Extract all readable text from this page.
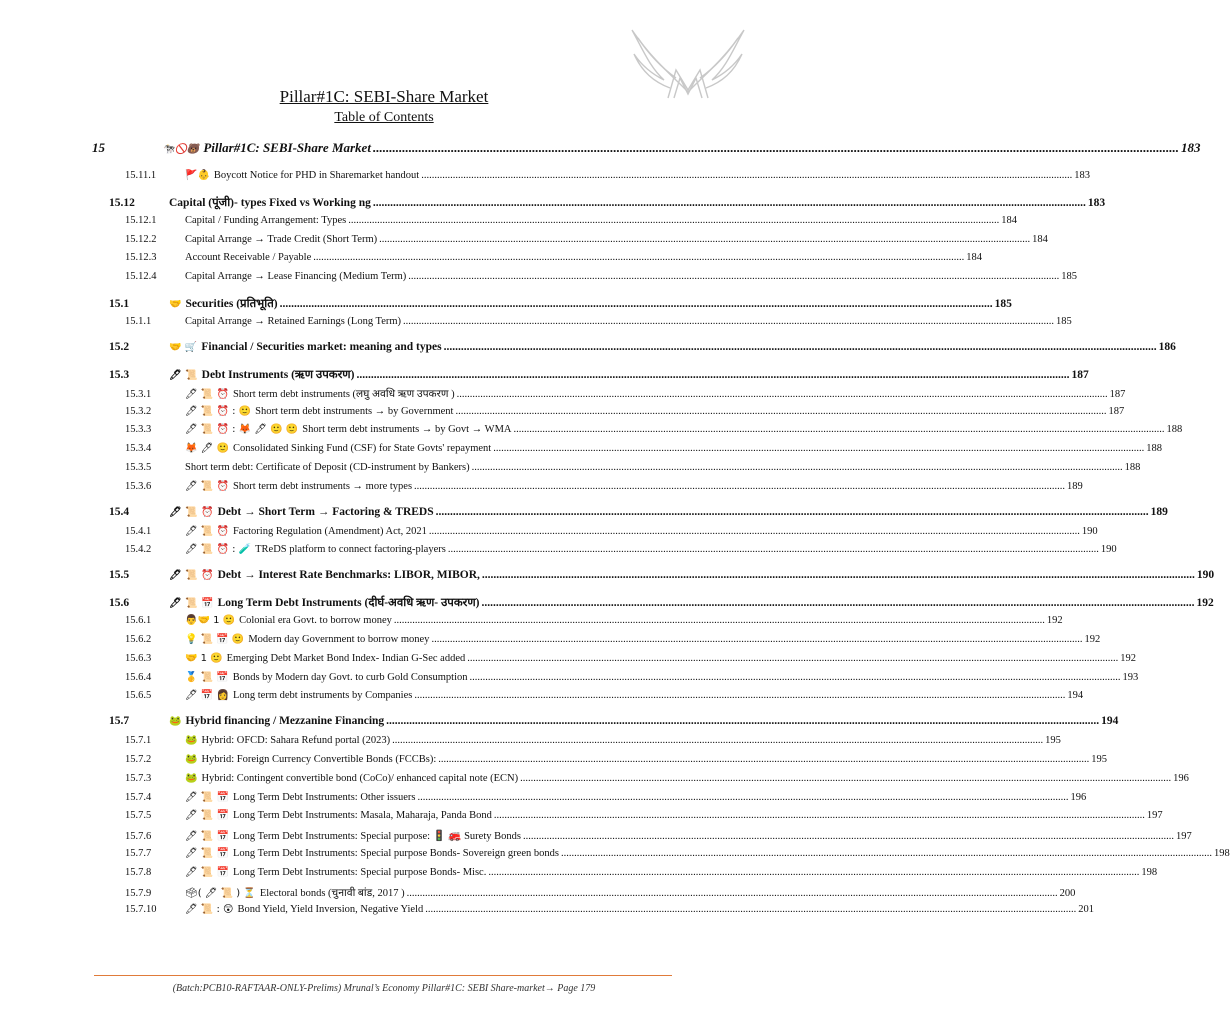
Pillar#1C: SEBI-Share Market
Table of Contents
15	🐄🚫🐻 Pillar#1C: SEBI-Share Market .....	183
15.11.1	🚩👶 Boycott Notice for PHD in Sharemarket handout .....	183
15.12	Capital (पूंजी)- types Fixed vs Working ng .....	183
15.12.1	Capital / Funding Arrangement: Types .....	184
15.12.2	Capital Arrange → Trade Credit (Short Term) .....	184
15.12.3	Account Receivable / Payable .....	184
15.12.4	Capital Arrange → Lease Financing (Medium Term) .....	185
15.1	🤝 Securities (प्रतिभूति) .....	185
15.1.1	Capital Arrange → Retained Earnings (Long Term) .....	185
15.2	🤝 🛒 Financial / Securities market: meaning and types .....	186
15.3	🖊 📜 Debt Instruments (ऋण उपकरण) .....	187
15.3.1	🖊 📜 ⏰ Short term debt instruments (लघु अवधि ऋण उपकरण ) .....	187
15.3.2	🖊 📜 ⏰ : 🙂 Short term debt instruments → by Government .....	187
15.3.3	🖊 📜 ⏰ : 🦊 🖊 🙂 🙂 Short term debt instruments → by Govt → WMA .....	188
15.3.4	🦊 🖊 🙂 Consolidated Sinking Fund (CSF) for State Govts' repayment .....	188
15.3.5	Short term debt: Certificate of Deposit (CD-instrument by Bankers) .....	188
15.3.6	🖊 📜 ⏰ Short term debt instruments → more types .....	189
15.4	🖊 📜 ⏰ Debt → Short Term → Factoring & TREDS .....	189
15.4.1	🖊 📜 ⏰ Factoring Regulation (Amendment) Act, 2021 .....	190
15.4.2	🖊 📜 ⏰ : 🧪 TReDS platform to connect factoring-players .....	190
15.5	🖊 📜 ⏰ Debt → Interest Rate Benchmarks: LIBOR, MIBOR, .....	190
15.6	🖊 📜 📅 Long Term Debt Instruments (दीर्घ-अवधि ऋण- उपकरण) .....	192
15.6.1	👨🤝 1 🙂 Colonial era Govt. to borrow money .....	192
15.6.2	💡 📜 📅 🙂 Modern day Government to borrow money .....	192
15.6.3	🤝 1 🙂 Emerging Debt Market Bond Index- Indian G-Sec added .....	192
15.6.4	🥇 📜 📅 Bonds by Modern day Govt. to curb Gold Consumption .....	193
15.6.5	🖊 📅 👩 Long term debt instruments by Companies .....	194
15.7	🐸 Hybrid financing / Mezzanine Financing .....	194
15.7.1	🐸 Hybrid: OFCD: Sahara Refund portal (2023) .....	195
15.7.2	🐸 Hybrid: Foreign Currency Convertible Bonds (FCCBs): .....	195
15.7.3	🐸 Hybrid: Contingent convertible bond (CoCo)/ enhanced capital note (ECN) .....	196
15.7.4	🖊 📜 📅 Long Term Debt Instruments: Other issuers .....	196
15.7.5	🖊 📜 📅 Long Term Debt Instruments: Masala, Maharaja, Panda Bond .....	197
15.7.6	🖊 📜 📅 Long Term Debt Instruments: Special purpose: 🚦 🚒 Surety Bonds .....	197
15.7.7	🖊 📜 📅 Long Term Debt Instruments: Special purpose Bonds- Sovereign green bonds .....	198
15.7.8	🖊 📜 📅 Long Term Debt Instruments: Special purpose Bonds- Misc. .....	198
15.7.9	🗳( 🖊 📜 ) ⏳ Electoral bonds (चुनावी बांड, 2017 ) .....	200
15.7.10	🖊 📜 : 😲 Bond Yield, Yield Inversion, Negative Yield .....	201
(Batch:PCB10-RAFTAAR-ONLY-Prelims) Mrunal’s Economy Pillar#1C: SEBI Share-market→ Page 179
